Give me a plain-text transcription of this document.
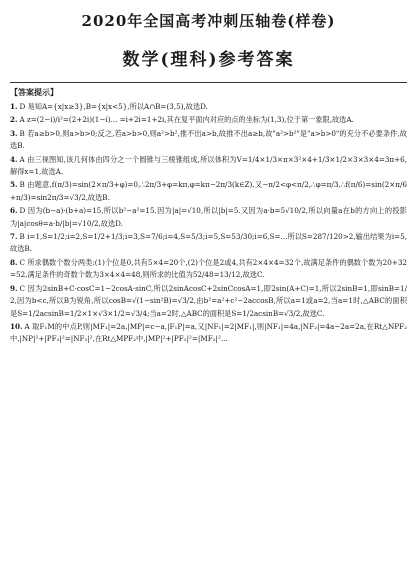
2020年全国高考冲刺压轴卷(样卷)
数学(理科)参考答案
【答案提示】

1. D 易知A={x|x≥3},B={x|x<5},所以A∩B=(3,5),故选D.

2. A z=(2−i)/i²=(2+2i)(1−i)... =i+2i=1+2i,其在复平面内对应的点的坐标为(1,3),位于第一象限,故选A.

3. B 若a≥b>0,则a>b>0;反之,若a>b>0,则a²>b²,推不出a>b,故推不出a≥b,故"a²>b²"是"a>b>0"的充分不必要条件,故选B.

4. A 由三视图知,该几何体由四分之一个圆锥与三棱锥组成,所以体积为V=1/4×1/3×π×3²×4+1/3×1/2×3×3×4=3π+6,解得x=1,故选A.

5. B 由题意,f(π/3)=sin(2×π/3+φ)=0,∴2π/3+φ=kπ,φ=kπ−2π/3(k∈Z),又−π/2<φ<π/2,∴φ=π/3,∴f(π/6)=sin(2×π/6+π/3)=sin2π/3=√3/2,故选B.

6. D 因为(b−a)·(b+a)=15,所以b²−a²=15.因为|a|=√10,所以|b|=5.又因为a·b=5√10/2,所以向量a在b的方向上的投影为|a|cosθ=a·b/|b|=√10/2,故选D.

7. B i=1,S=1/2;i=2,S=1/2+1/3;i=3,S=7/6;i=4,S=5/3;i=5,S=53/30;i=6,S=...所以S=287/120>2,输出结果为i=5,故选B.

8. C 所求偶数个数分两类:(1)个位是0,共有5×4=20个,(2)个位是2或4,共有2×4×4=32个,故满足条件的偶数个数为20+32=52,满足条件的奇数个数为3×4×4=48,则所求的比值为52/48=13/12,故选C.

9. C 因为2sinB+C·cosC=1−2cosA·sinC,所以2sinAcosC+2sinCcosA=1,即2sin(A+C)=1,所以2sinB=1,即sinB=1/2,因为b<c,所以B为锐角,所以cosB=√(1−sin²B)=√3/2,由b²=a²+c²−2accosB,所以a=1或a=2,当a=1时,△ABC的面积是S=1/2acsinB=1/2×1×√3×1/2=√3/4;当a=2时,△ABC的面积是S=1/2acsinB=√3/2,故选C.

10. A 取F₁M的中点P,则|MF₁|=2a,|MP|=c−a,|F₁P|=a,又|NF₁|=2|MF₁|,则|NF₁|=4a,|NF₂|=4a−2a=2a,在Rt△NPF₂中,|NP|²+|PF₂|²=|NF₂|²,在Rt△MPF₂中,|MP|²+|PF₂|²=|MF₂|²...
